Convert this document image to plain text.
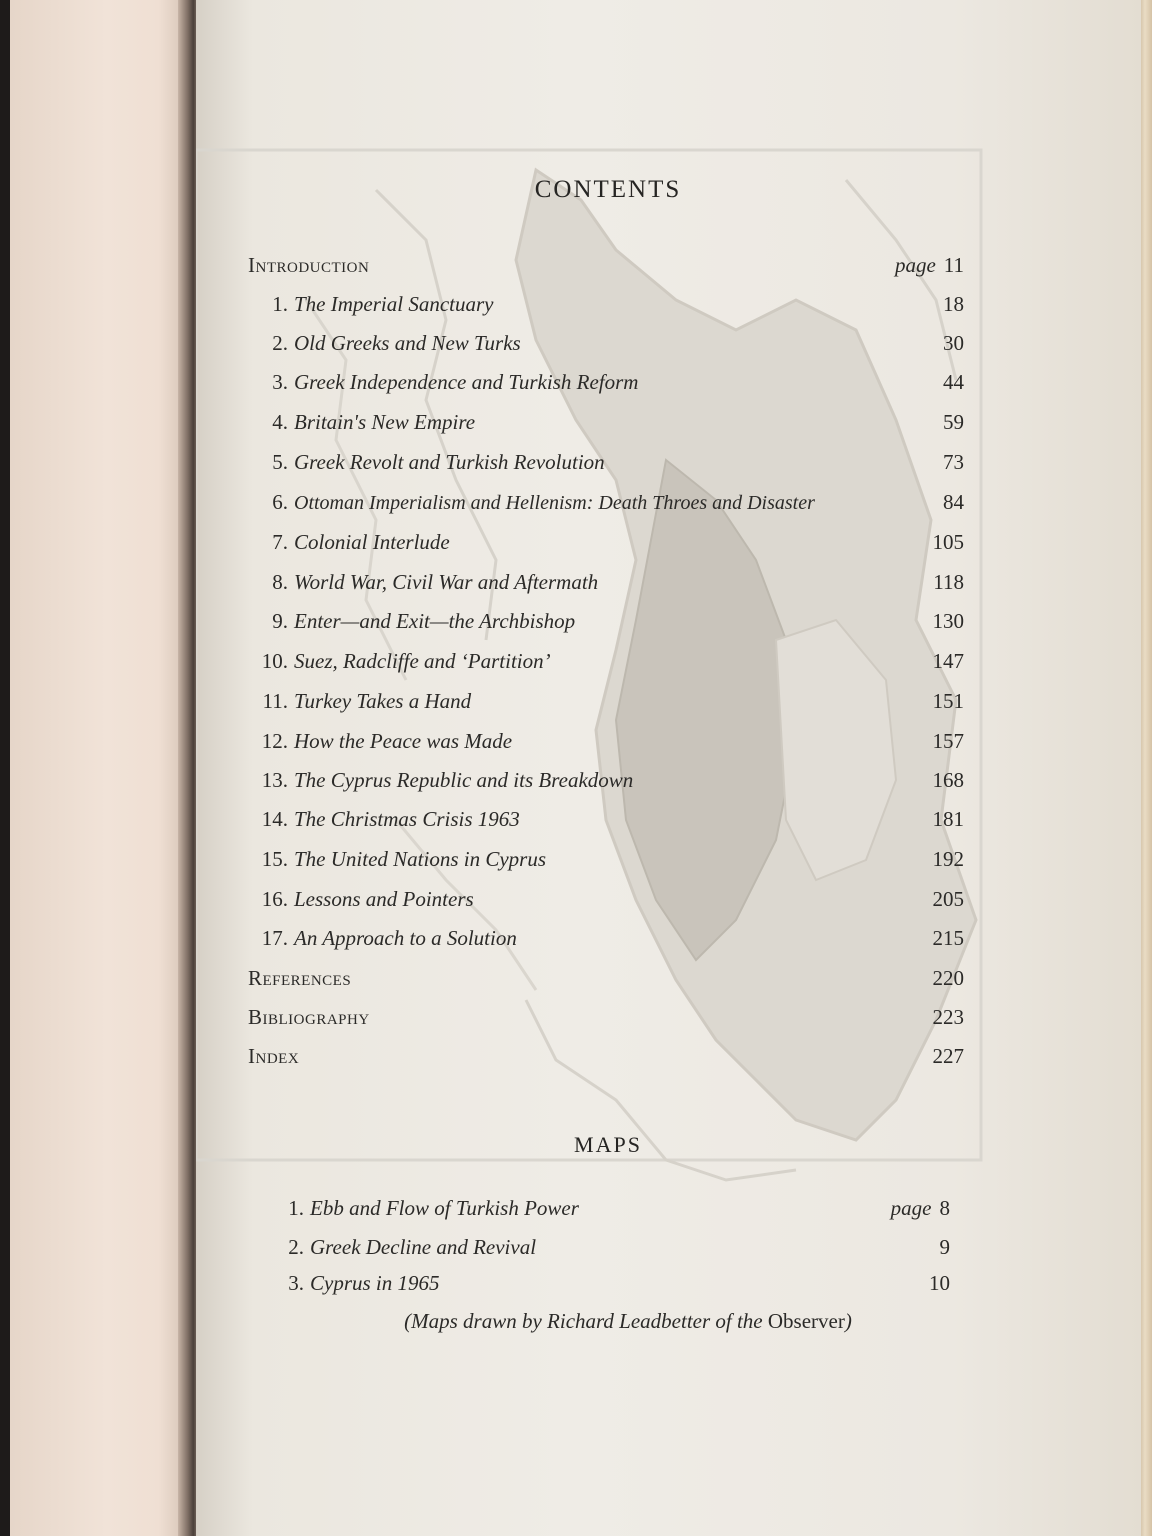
CONTENTS
Introduction	page 11
1. The Imperial Sanctuary	18
2. Old Greeks and New Turks	30
3. Greek Independence and Turkish Reform	44
4. Britain's New Empire	59
5. Greek Revolt and Turkish Revolution	73
6. Ottoman Imperialism and Hellenism: Death Throes and Disaster	84
7. Colonial Interlude	105
8. World War, Civil War and Aftermath	118
9. Enter—and Exit—the Archbishop	130
10. Suez, Radcliffe and ‘Partition’	147
11. Turkey Takes a Hand	151
12. How the Peace was Made	157
13. The Cyprus Republic and its Breakdown	168
14. The Christmas Crisis 1963	181
15. The United Nations in Cyprus	192
16. Lessons and Pointers	205
17. An Approach to a Solution	215
References	220
Bibliography	223
Index	227
MAPS
1. Ebb and Flow of Turkish Power	page 8
2. Greek Decline and Revival	9
3. Cyprus in 1965	10
(Maps drawn by Richard Leadbetter of the Observer)
